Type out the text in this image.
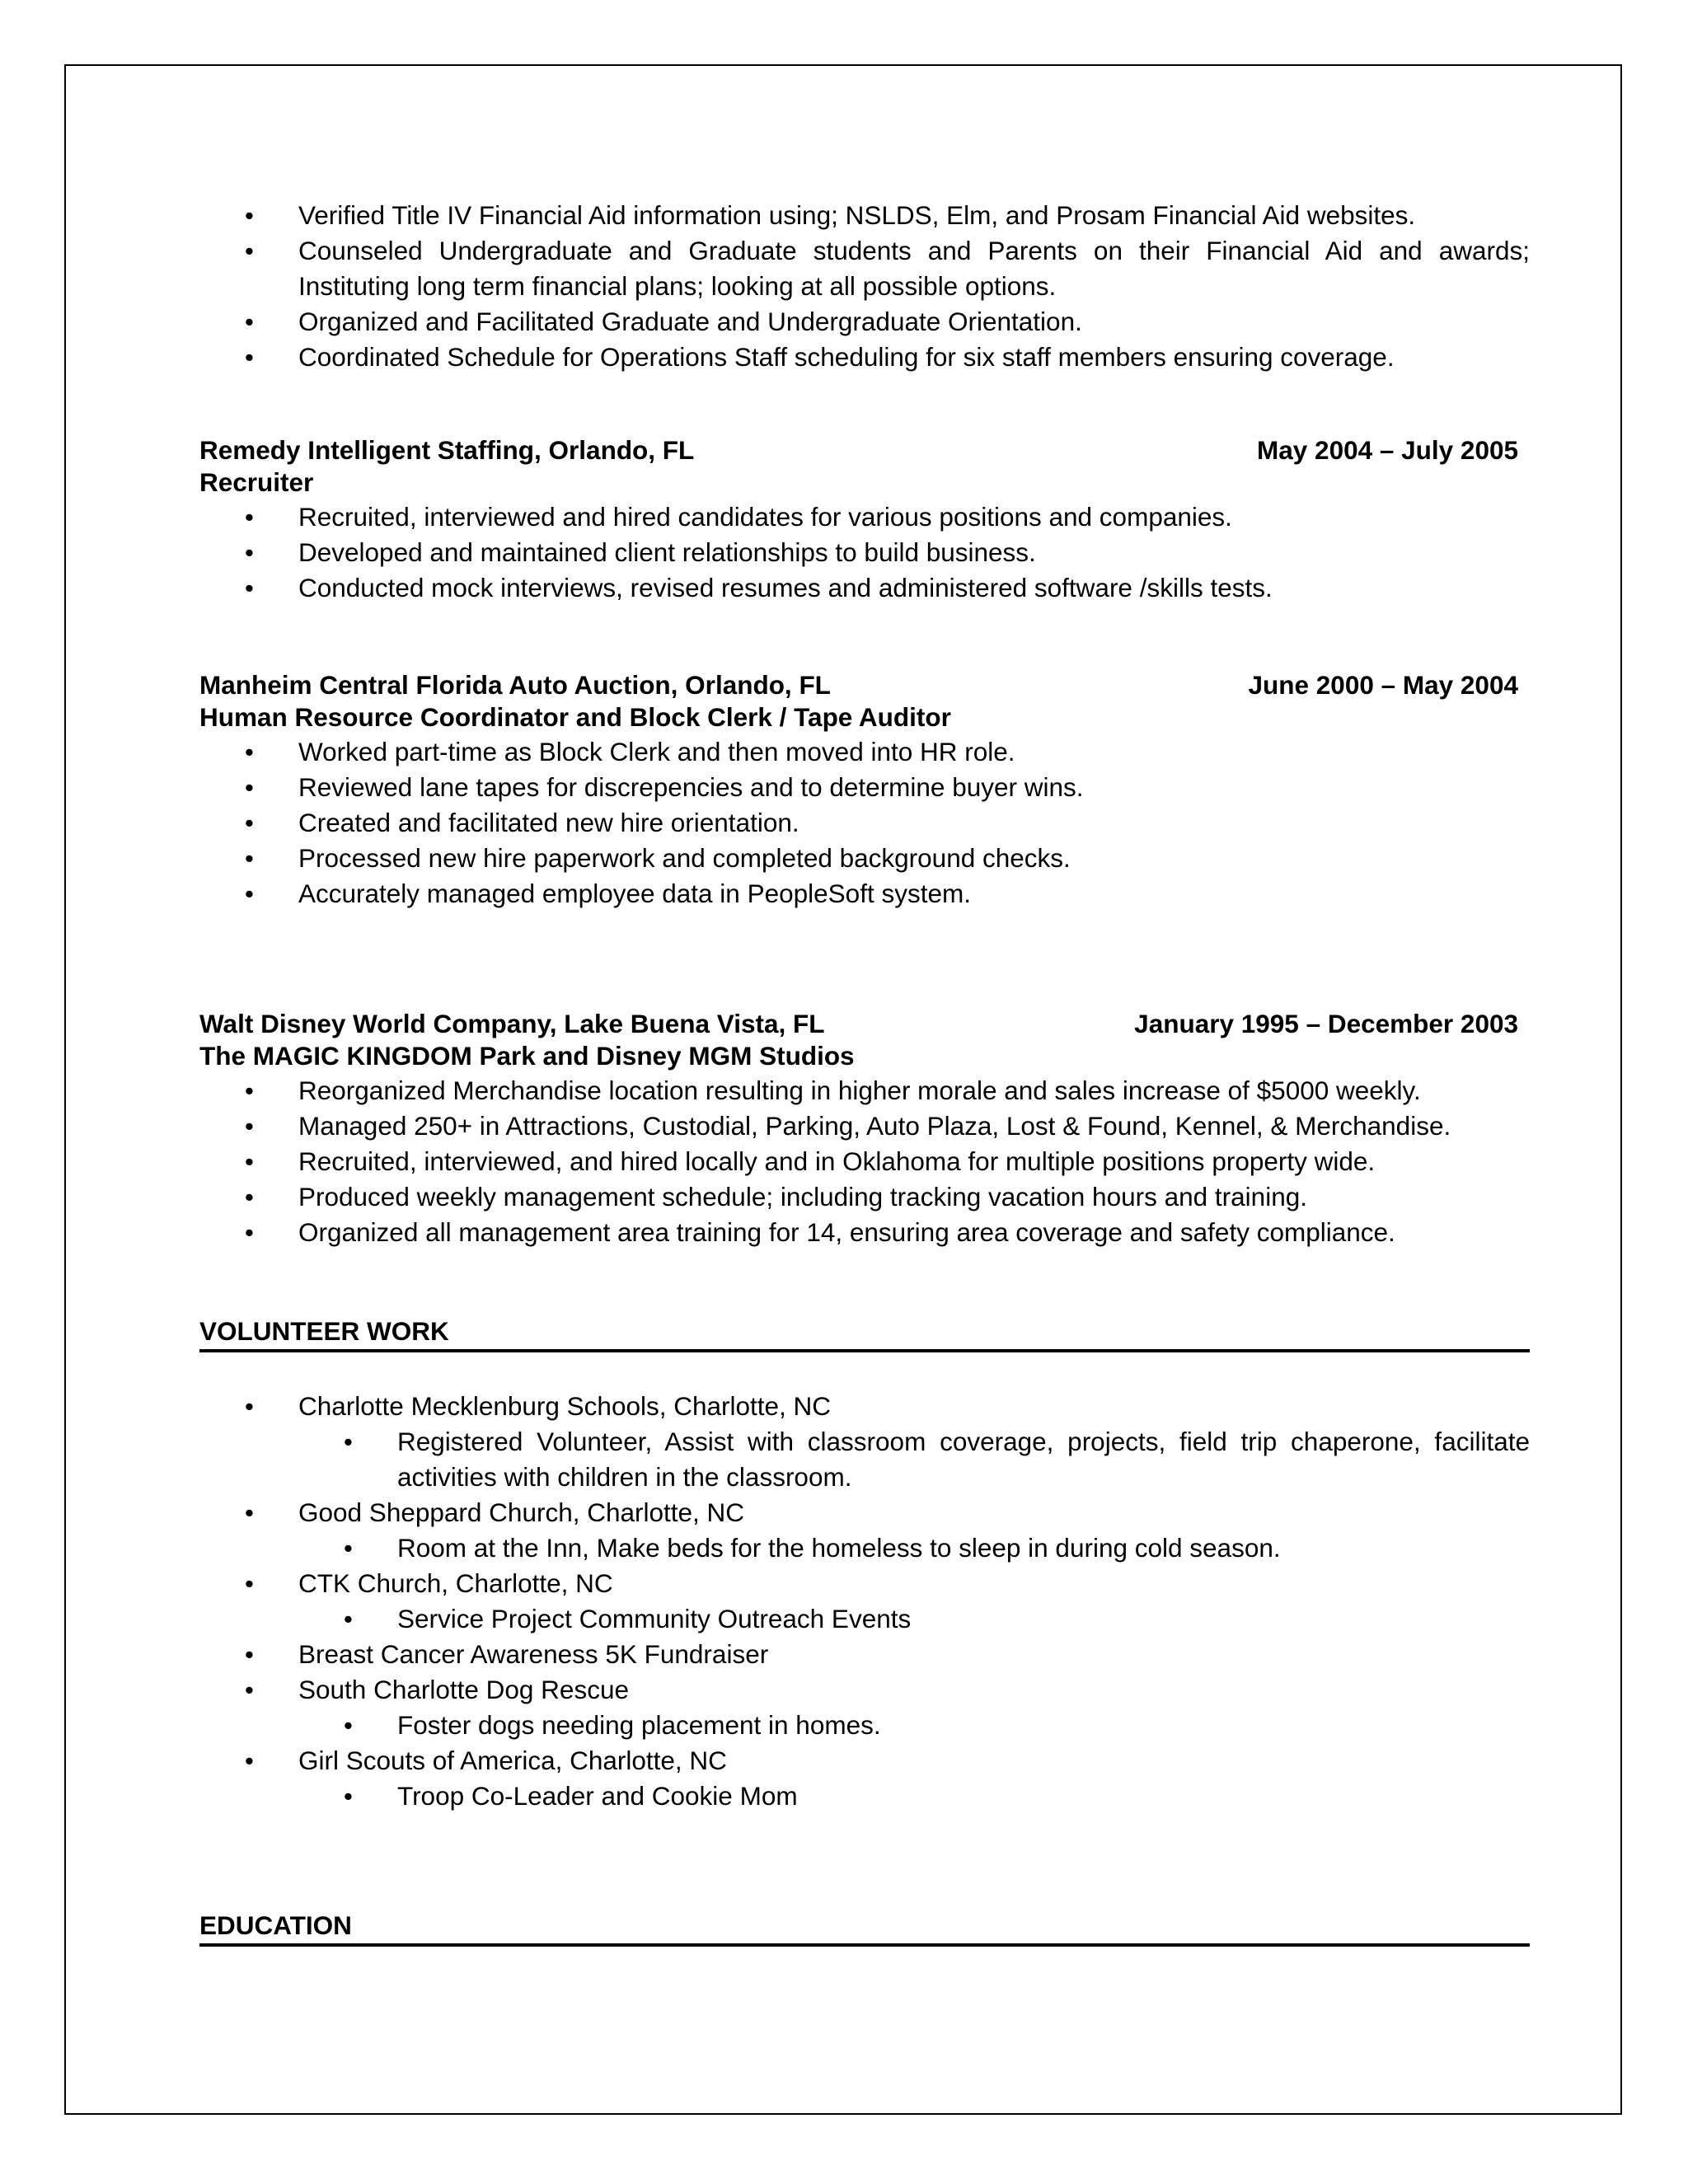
• Verified Title IV Financial Aid information using; NSLDS, Elm, and Prosam Financial Aid websites.
• Counseled Undergraduate and Graduate students and Parents on their Financial Aid and awards; Instituting long term financial plans; looking at all possible options.
• Organized and Facilitated Graduate and Undergraduate Orientation.
• Coordinated Schedule for Operations Staff scheduling for six staff members ensuring coverage.
Remedy Intelligent Staffing, Orlando, FL	May 2004 – July 2005
Recruiter
• Recruited, interviewed and hired candidates for various positions and companies.
• Developed and maintained client relationships to build business.
• Conducted mock interviews, revised resumes and administered software /skills tests.
Manheim Central Florida Auto Auction, Orlando, FL	June 2000 – May 2004
Human Resource Coordinator and Block Clerk / Tape Auditor
• Worked part-time as Block Clerk and then moved into HR role.
• Reviewed lane tapes for discrepencies and to determine buyer wins.
• Created and facilitated new hire orientation.
• Processed new hire paperwork and completed background checks.
• Accurately managed employee data in PeopleSoft system.
Walt Disney World Company, Lake Buena Vista, FL	January 1995 – December 2003
The MAGIC KINGDOM Park and Disney MGM Studios
• Reorganized Merchandise location resulting in higher morale and sales increase of $5000 weekly.
• Managed 250+ in Attractions, Custodial, Parking, Auto Plaza, Lost & Found, Kennel, & Merchandise.
• Recruited, interviewed, and hired locally and in Oklahoma for multiple positions property wide.
• Produced weekly management schedule; including tracking vacation hours and training.
• Organized all management area training for 14, ensuring area coverage and safety compliance.
VOLUNTEER WORK
• Charlotte Mecklenburg Schools, Charlotte, NC
• Registered Volunteer, Assist with classroom coverage, projects, field trip chaperone, facilitate activities with children in the classroom.
• Good Sheppard Church, Charlotte, NC
• Room at the Inn, Make beds for the homeless to sleep in during cold season.
• CTK Church, Charlotte, NC
• Service Project Community Outreach Events
• Breast Cancer Awareness 5K Fundraiser
• South Charlotte Dog Rescue
• Foster dogs needing placement in homes.
• Girl Scouts of America, Charlotte, NC
• Troop Co-Leader and Cookie Mom
EDUCATION
